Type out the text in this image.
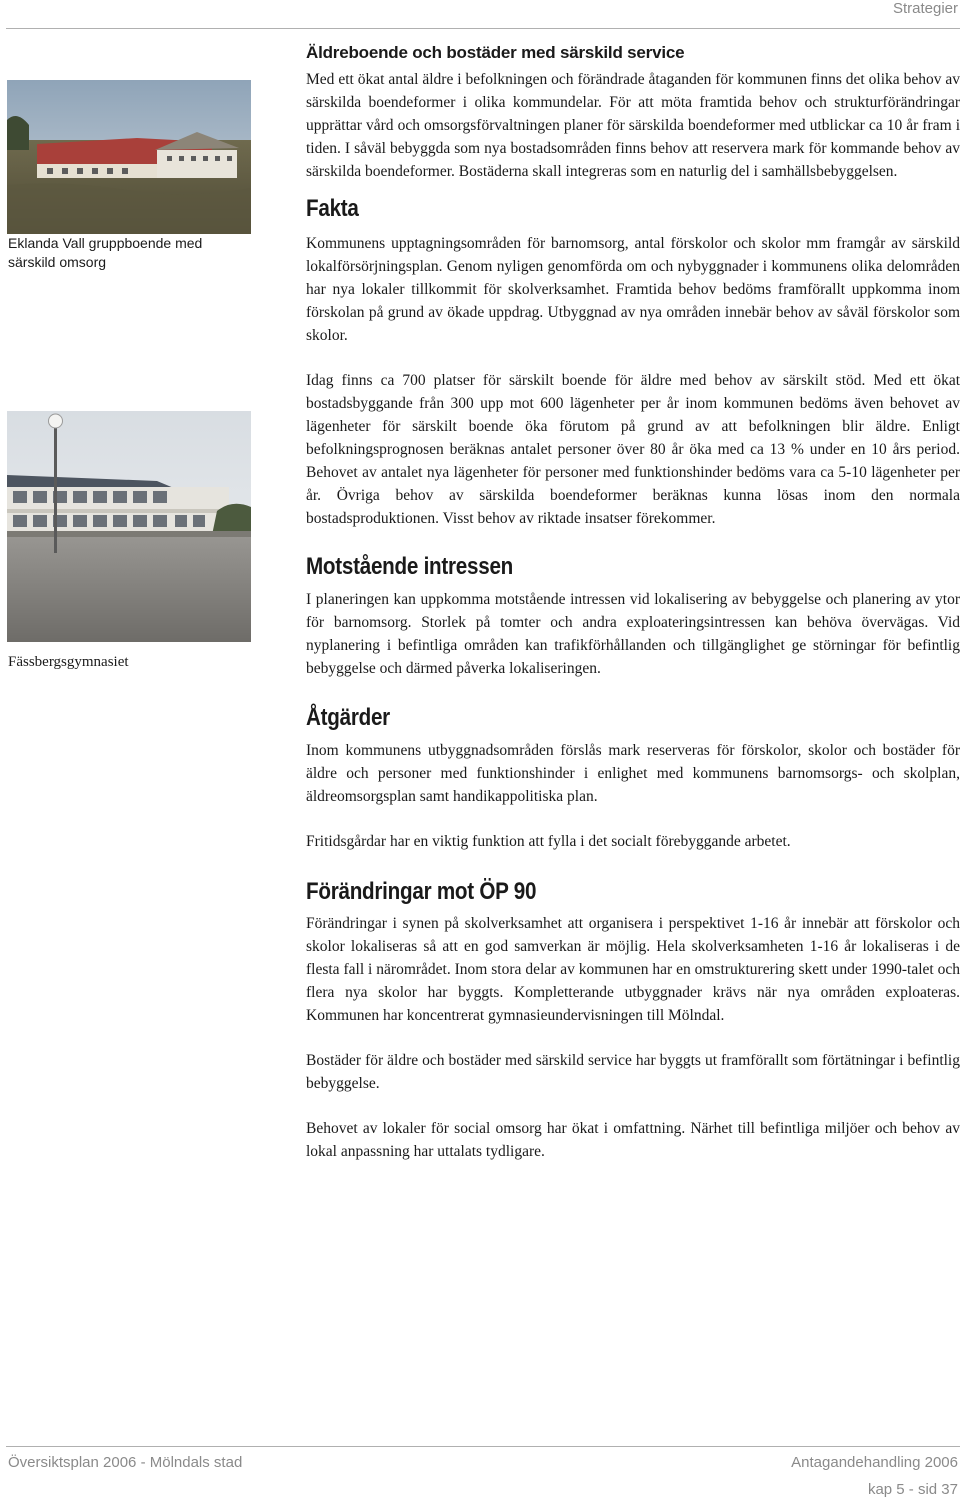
Strategier
Eklanda Vall gruppboende med särskild omsorg
Fässbergsgymnasiet
Äldreboende och bostäder med särskild service

Med ett ökat antal äldre i befolkningen och förändrade åtaganden för kommunen finns det olika behov av särskilda boendeformer i olika kommundelar. För att möta framtida behov och strukturförändringar upprättar vård och omsorgsförvaltningen planer för särskilda boendeformer med utblickar ca 10 år fram i tiden. I såväl bebyggda som nya bostadsområden finns behov att reservera mark för kommande behov av särskilda boendeformer. Bostäderna skall integreras som en naturlig del i samhällsbebyggelsen.

Fakta

Kommunens upptagningsområden för barnomsorg, antal förskolor och skolor mm framgår av särskild lokalförsörjningsplan. Genom nyligen genomförda om och nybyggnader i kommunens olika delområden har nya lokaler tillkommit för skolverksamhet. Framtida behov bedöms framförallt uppkomma inom förskolan på grund av ökade uppdrag. Utbyggnad av nya områden innebär behov av såväl förskolor som skolor.

Idag finns ca 700 platser för särskilt boende för äldre med behov av särskilt stöd. Med ett ökat bostadsbyggande från 300 upp mot 600 lägenheter per år inom kommunen bedöms även behovet av lägenheter för särskilt boende öka förutom på grund av att befolkningen blir äldre. Enligt befolkningsprognosen beräknas antalet personer över 80 år öka med ca 13 % under en 10 års period. Behovet av antalet nya lägenheter för personer med funktionshinder bedöms vara ca 5-10 lägenheter per år. Övriga behov av särskilda boendeformer beräknas kunna lösas inom den normala bostadsproduktionen. Visst behov av riktade insatser förekommer.

Motstående intressen

I planeringen kan uppkomma motstående intressen vid lokalisering av bebyggelse och planering av ytor för barnomsorg. Storlek på tomter och andra exploateringsintressen kan behöva övervägas. Vid nyplanering i befintliga områden kan trafikförhållanden och tillgänglighet ge störningar för befintlig bebyggelse och därmed påverka lokaliseringen.

Åtgärder

Inom kommunens utbyggnadsområden förslås mark reserveras för förskolor, skolor och bostäder för äldre och personer med funktionshinder i enlighet med kommunens barnomsorgs- och skolplan, äldreomsorgsplan samt handikappolitiska plan.

Fritidsgårdar har en viktig funktion att fylla i det socialt förebyggande arbetet.

Förändringar mot ÖP 90

Förändringar i synen på skolverksamhet att organisera i perspektivet 1-16 år innebär att förskolor och skolor lokaliseras så att en god samverkan är möjlig. Hela skolverksamheten 1-16 år lokaliseras i de flesta fall i närområdet. Inom stora delar av kommunen har en omstrukturering skett under 1990-talet och flera nya skolor har byggts. Kompletterande utbyggnader krävs när nya områden exploateras. Kommunen har koncentrerat gymnasieundervisningen till Mölndal.

Bostäder för äldre och bostäder med särskild service har byggts ut framförallt som förtätningar i befintlig bebyggelse.

Behovet av lokaler för social omsorg har ökat i omfattning. Närhet till befintliga miljöer och behov av lokal anpassning har uttalats tydligare.

Översiktsplan 2006 - Mölndals stad	Antagandehandling 2006
kap 5 - sid 37
